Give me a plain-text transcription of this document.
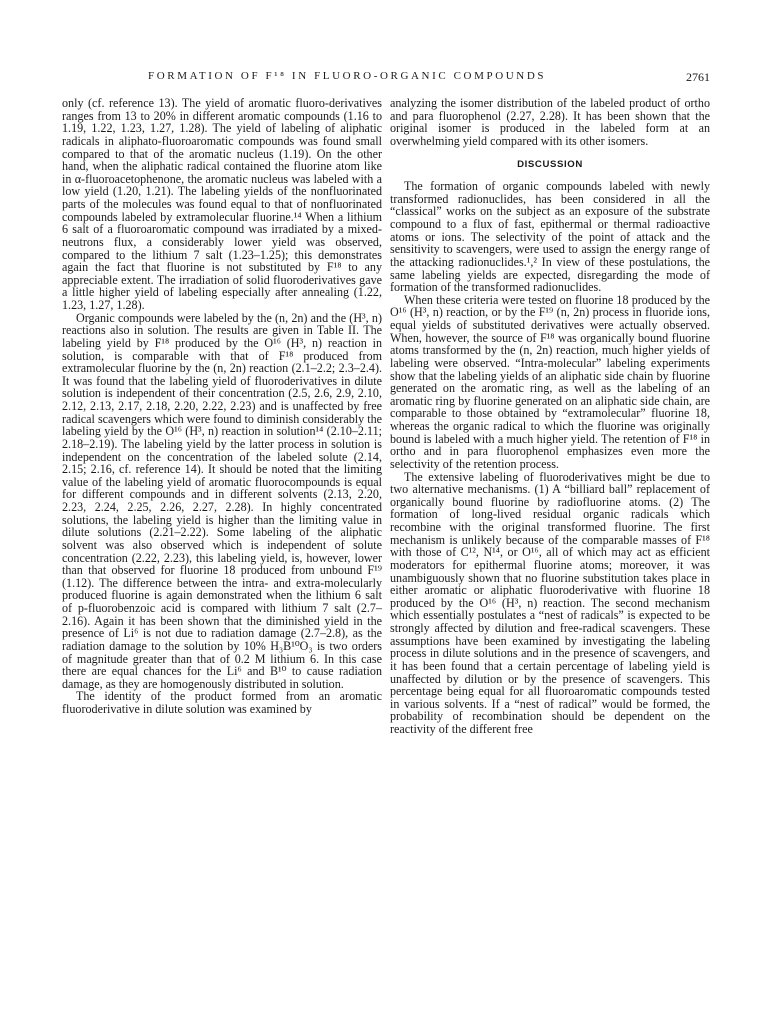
FORMATION OF F¹⁸ IN FLUORO-ORGANIC COMPOUNDS	2761

only (cf. reference 13). The yield of aromatic fluoro-derivatives ranges from 13 to 20% in different aromatic compounds (1.16 to 1.19, 1.22, 1.23, 1.27, 1.28). The yield of labeling of aliphatic radicals in aliphato-fluoroaromatic compounds was found small compared to that of the aromatic nucleus (1.19). On the other hand, when the aliphatic radical contained the fluorine atom like in α-fluoroacetophenone, the aromatic nucleus was labeled with a low yield (1.20, 1.21). The labeling yields of the nonfluorinated parts of the molecules was found equal to that of nonfluorinated compounds labeled by extramolecular fluorine.¹⁴ When a lithium 6 salt of a fluoroaromatic compound was irradiated by a mixed-neutrons flux, a considerably lower yield was observed, compared to the lithium 7 salt (1.23–1.25); this demonstrates again the fact that fluorine is not substituted by F¹⁸ to any appreciable extent. The irradiation of solid fluoroderivatives gave a little higher yield of labeling especially after annealing (1.22, 1.23, 1.27, 1.28).

Organic compounds were labeled by the (n, 2n) and the (H³, n) reactions also in solution. The results are given in Table II. The labeling yield by F¹⁸ produced by the O¹⁶ (H³, n) reaction in solution, is comparable with that of F¹⁸ produced from extramolecular fluorine by the (n, 2n) reaction (2.1–2.2; 2.3–2.4). It was found that the labeling yield of fluoroderivatives in dilute solution is independent of their concentration (2.5, 2.6, 2.9, 2.10, 2.12, 2.13, 2.17, 2.18, 2.20, 2.22, 2.23) and is unaffected by free radical scavengers which were found to diminish considerably the labeling yield by the O¹⁶ (H³, n) reaction in solution¹⁴ (2.10–2.11; 2.18–2.19). The labeling yield by the latter process in solution is independent on the concentration of the labeled solute (2.14, 2.15; 2.16, cf. reference 14). It should be noted that the limiting value of the labeling yield of aromatic fluorocompounds is equal for different compounds and in different solvents (2.13, 2.20, 2.23, 2.24, 2.25, 2.26, 2.27, 2.28). In highly concentrated solutions, the labeling yield is higher than the limiting value in dilute solutions (2.21–2.22). Some labeling of the aliphatic solvent was also observed which is independent of solute concentration (2.22, 2.23), this labeling yield, is, however, lower than that observed for fluorine 18 produced from unbound F¹⁹ (1.12). The difference between the intra- and extra-molecularly produced fluorine is again demonstrated when the lithium 6 salt of p-fluorobenzoic acid is compared with lithium 7 salt (2.7–2.16). Again it has been shown that the diminished yield in the presence of Li⁶ is not due to radiation damage (2.7–2.8), as the radiation damage to the solution by 10% H₃B¹⁰O₃ is two orders of magnitude greater than that of 0.2 M lithium 6. In this case there are equal chances for the Li⁶ and B¹⁰ to cause radiation damage, as they are homogenously distributed in solution.

The identity of the product formed from an aromatic fluoroderivative in dilute solution was examined by

analyzing the isomer distribution of the labeled product of ortho and para fluorophenol (2.27, 2.28). It has been shown that the original isomer is produced in the labeled form at an overwhelming yield compared with its other isomers.

DISCUSSION

The formation of organic compounds labeled with newly transformed radionuclides, has been considered in all the “classical” works on the subject as an exposure of the substrate compound to a flux of fast, epithermal or thermal radioactive atoms or ions. The selectivity of the point of attack and the sensitivity to scavengers, were used to assign the energy range of the attacking radionuclides.¹,² In view of these postulations, the same labeling yields are expected, disregarding the mode of formation of the transformed radionuclides.

When these criteria were tested on fluorine 18 produced by the O¹⁶ (H³, n) reaction, or by the F¹⁹ (n, 2n) process in fluoride ions, equal yields of substituted derivatives were actually observed. When, however, the source of F¹⁸ was organically bound fluorine atoms transformed by the (n, 2n) reaction, much higher yields of labeling were observed. “Intra-molecular” labeling experiments show that the labeling yields of an aliphatic side chain by fluorine generated on the aromatic ring, as well as the labeling of an aromatic ring by fluorine generated on an aliphatic side chain, are comparable to those obtained by “extramolecular” fluorine 18, whereas the organic radical to which the fluorine was originally bound is labeled with a much higher yield. The retention of F¹⁸ in ortho and in para fluorophenol emphasizes even more the selectivity of the retention process.

The extensive labeling of fluoroderivatives might be due to two alternative mechanisms. (1) A “billiard ball” replacement of organically bound fluorine by radiofluorine atoms. (2) The formation of long-lived residual organic radicals which recombine with the original transformed fluorine. The first mechanism is unlikely because of the comparable masses of F¹⁸ with those of C¹², N¹⁴, or O¹⁶, all of which may act as efficient moderators for epithermal fluorine atoms; moreover, it was unambiguously shown that no fluorine substitution takes place in either aromatic or aliphatic fluoroderivative with fluorine 18 produced by the O¹⁶ (H³, n) reaction. The second mechanism which essentially postulates a “nest of radicals” is expected to be strongly affected by dilution and free-radical scavengers. These assumptions have been examined by investigating the labeling process in dilute solutions and in the presence of scavengers, and it has been found that a certain percentage of labeling yield is unaffected by dilution or by the presence of scavengers. This percentage being equal for all fluoroaromatic compounds tested in various solvents. If a “nest of radical” would be formed, the probability of recombination should be dependent on the reactivity of the different free
